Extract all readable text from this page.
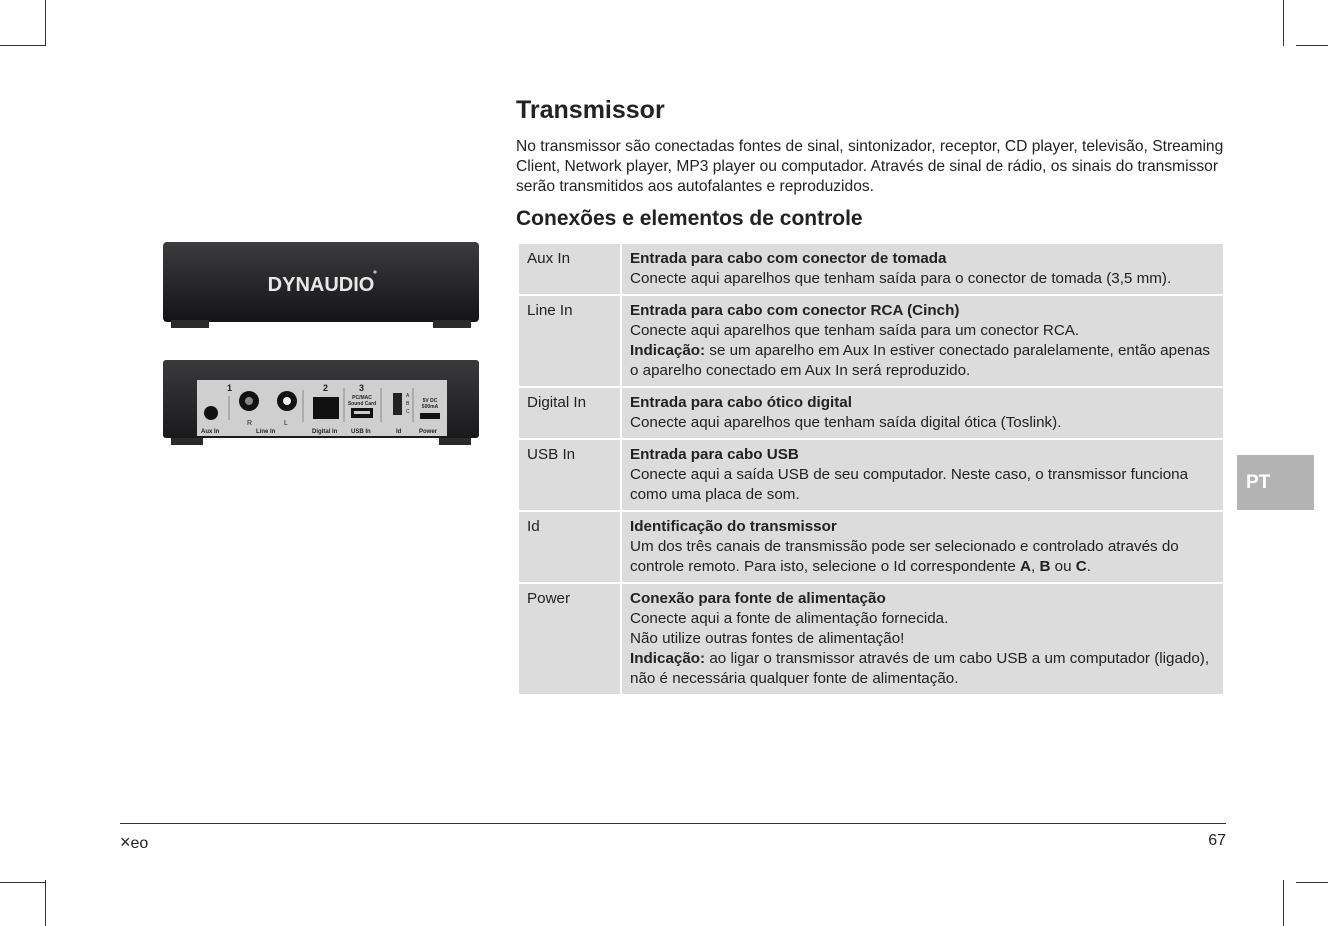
Transmissor

No transmissor são conectadas fontes de sinal, sintonizador, receptor, CD player, televisão, Streaming Client, Network player, MP3 player ou computador. Através de sinal de rádio, os sinais do transmissor serão transmitidos aos autofalantes e reproduzidos.

Conexões e elementos de controle
DYNAUDIO
1	2	3
R	L
PC/MAC
Sound Card
A
B
C
5V DC
500mA
Aux In	Line In	Digital In USB In	Id	Power
Aux In	Entrada para cabo com conector de tomada
Conecte aqui aparelhos que tenham saída para o conector de tomada (3,5 mm).

Line In	Entrada para cabo com conector RCA (Cinch)
Conecte aqui aparelhos que tenham saída para um conector RCA.
Indicação: se um aparelho em Aux In estiver conectado paralelamente, então apenas o aparelho conectado em Aux In será reproduzido.

Digital In	Entrada para cabo ótico digital
Conecte aqui aparelhos que tenham saída digital ótica (Toslink).

USB In	Entrada para cabo USB
Conecte aqui a saída USB de seu computador. Neste caso, o transmissor funciona como uma placa de som.

Id	Identificação do transmissor
Um dos três canais de transmissão pode ser selecionado e controlado através do controle remoto. Para isto, selecione o Id correspondente A, B ou C.

Power	Conexão para fonte de alimentação
Conecte aqui a fonte de alimentação fornecida.
Não utilize outras fontes de alimentação!
Indicação: ao ligar o transmissor através de um cabo USB a um computador (ligado), não é necessária qualquer fonte de alimentação.
PT
×eo	67
